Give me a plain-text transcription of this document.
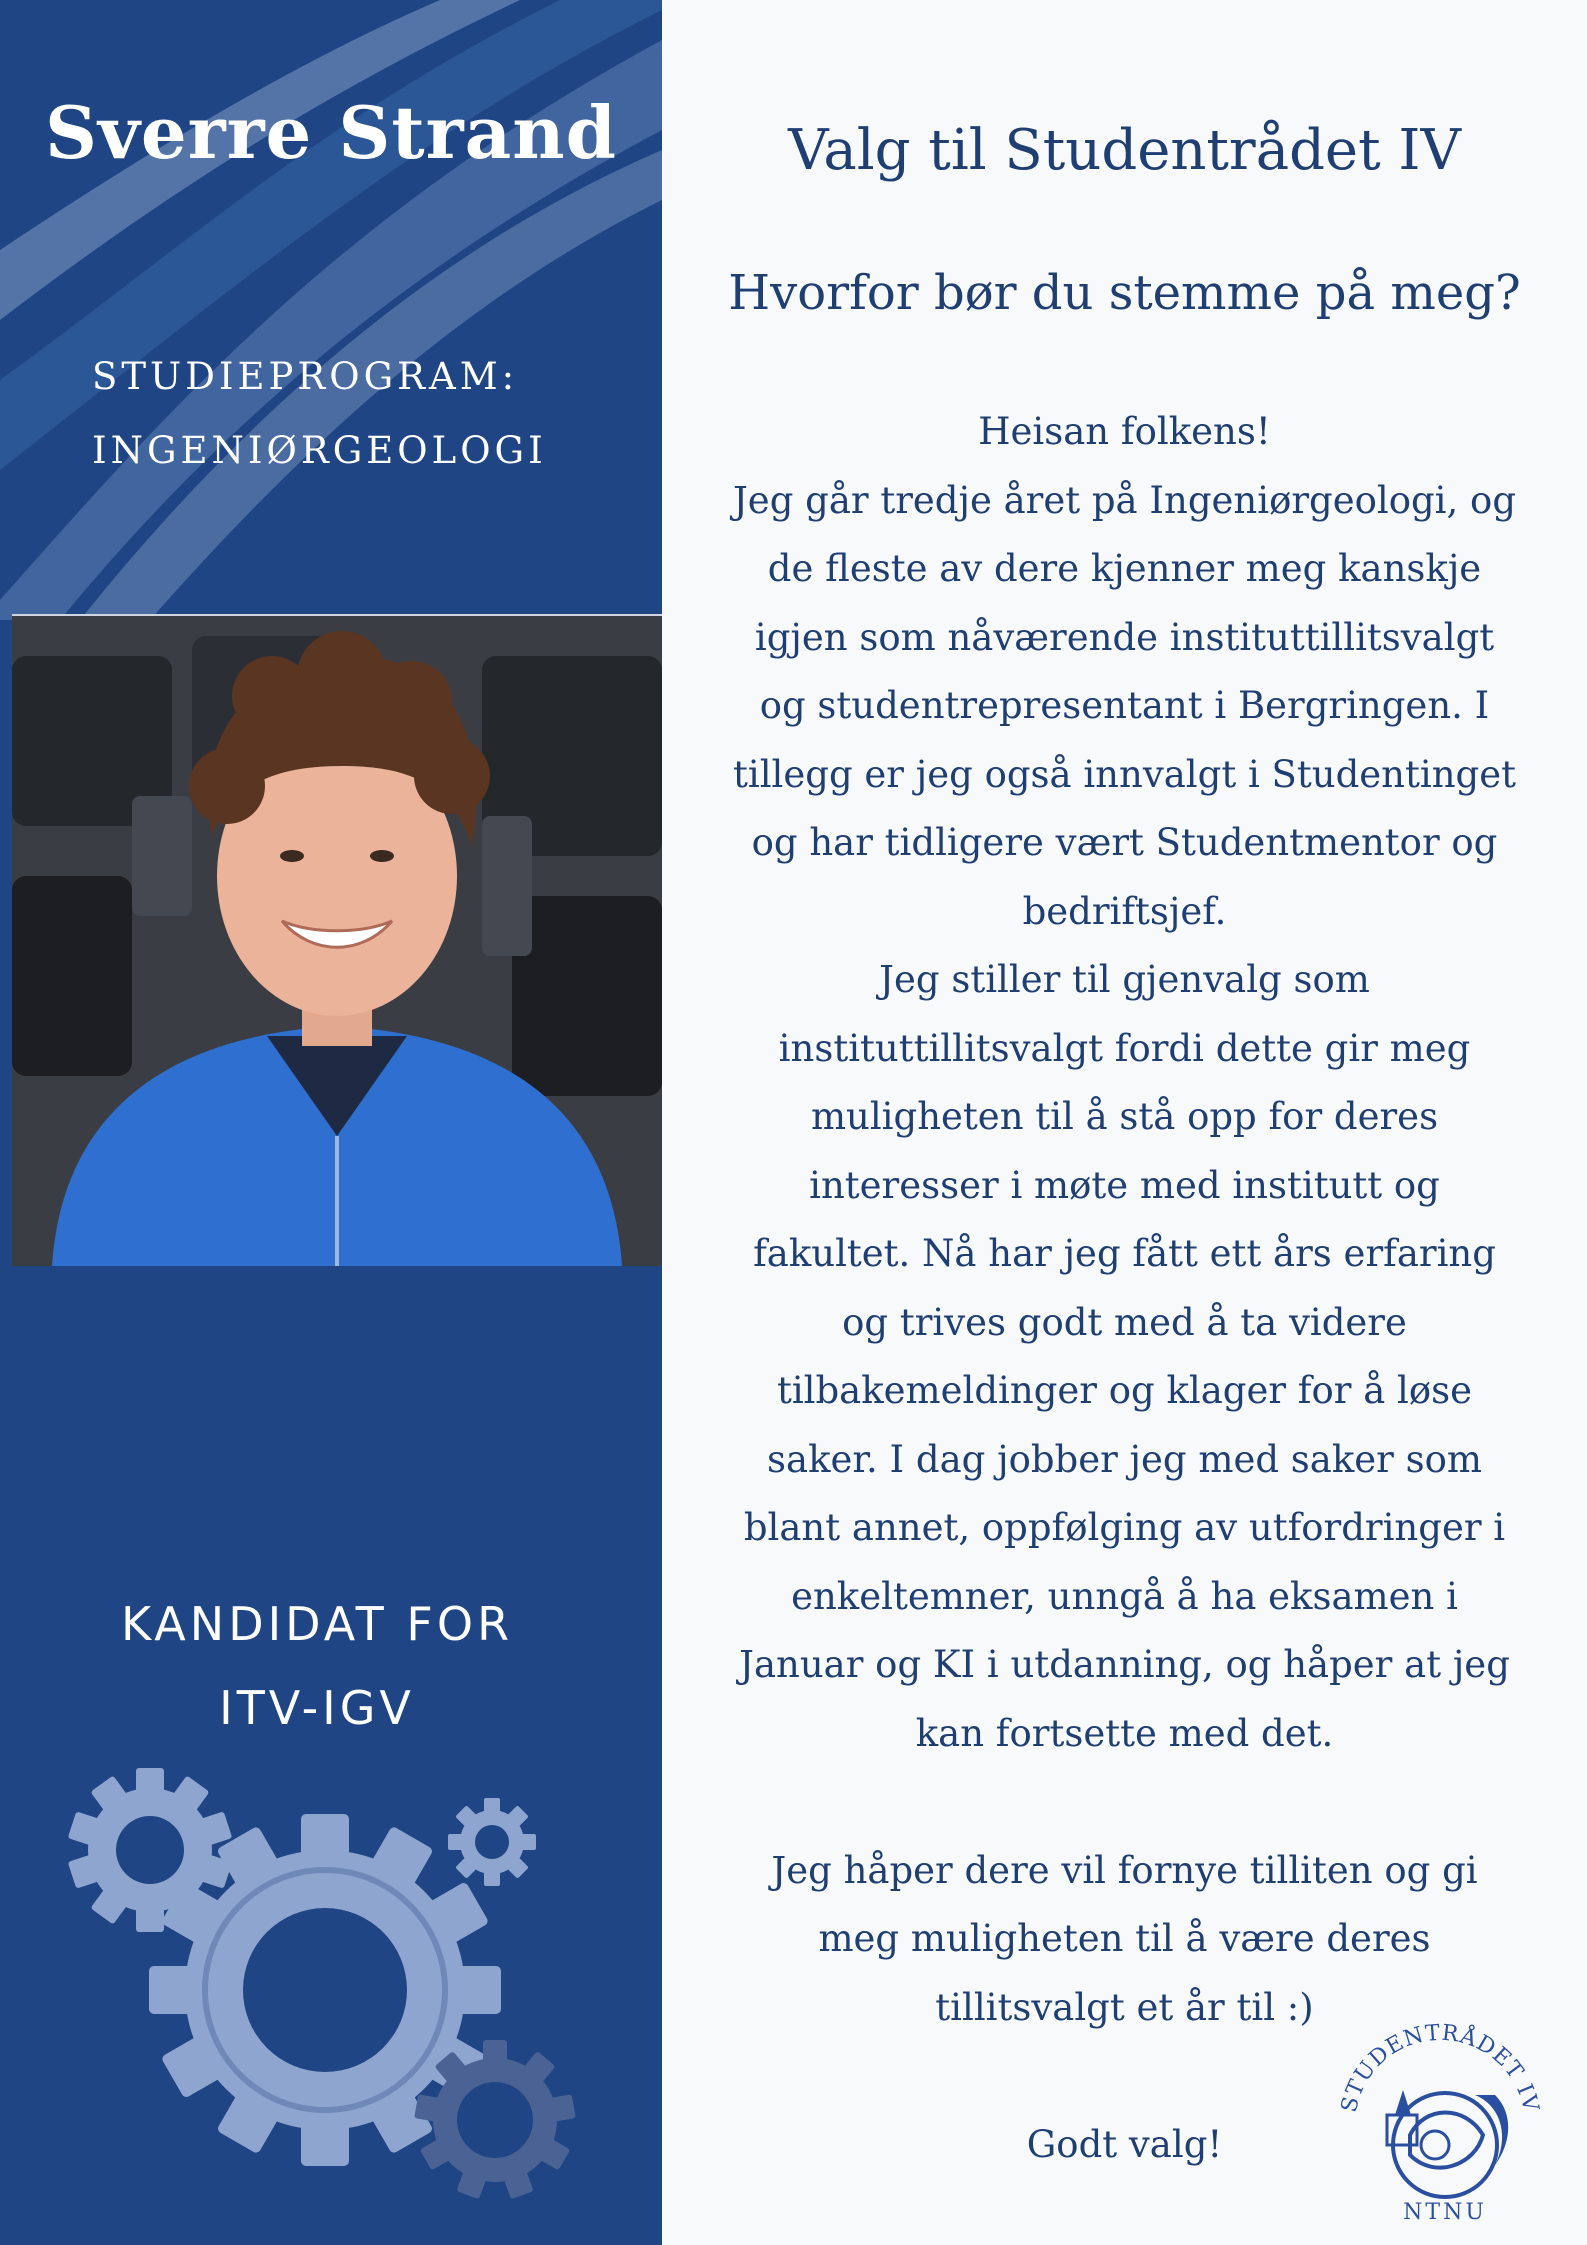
Sverre Strand
STUDIEPROGRAM:
INGENIØRGEOLOGI
KANDIDAT FOR
ITV-IGV
Valg til Studentrådet IV
Hvorfor bør du stemme på meg?
Heisan folkens!
Jeg går tredje året på Ingeniørgeologi, og
de fleste av dere kjenner meg kanskje
igjen som nåværende instituttillitsvalgt
og studentrepresentant i Bergringen. I
tillegg er jeg også innvalgt i Studentinget
og har tidligere vært Studentmentor og
bedriftsjef.
Jeg stiller til gjenvalg som
instituttillitsvalgt fordi dette gir meg
muligheten til å stå opp for deres
interesser i møte med institutt og
fakultet. Nå har jeg fått ett års erfaring
og trives godt med å ta videre
tilbakemeldinger og klager for å løse
saker. I dag jobber jeg med saker som
blant annet, oppfølging av utfordringer i
enkeltemner, unngå å ha eksamen i
Januar og KI i utdanning, og håper at jeg
kan fortsette med det.
Jeg håper dere vil fornye tilliten og gi
meg muligheten til å være deres
tillitsvalgt et år til :)
Godt valg!
STUDENTRÅDET IV
NTNU
